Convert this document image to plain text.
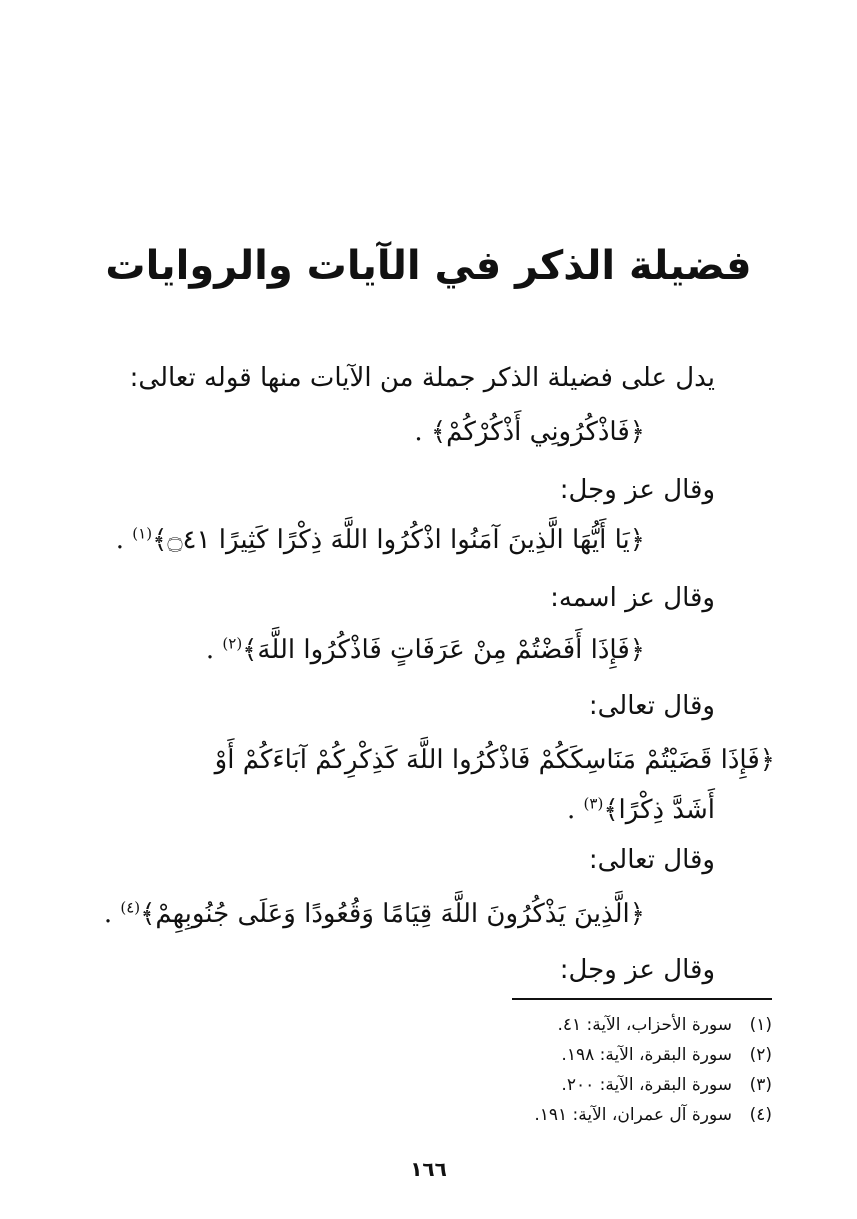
فضيلة الذكر في الآيات والروايات
يدل على فضيلة الذكر جملة من الآيات منها قوله تعالى:
﴿فَاذْكُرُونِي أَذْكُرْكُمْ﴾ .
وقال عز وجل:
﴿يَا أَيُّهَا الَّذِينَ آمَنُوا اذْكُرُوا اللَّهَ ذِكْرًا كَثِيرًا ۝٤١﴾$^{(١)}$ .
وقال عز اسمه:
﴿فَإِذَا أَفَضْتُمْ مِنْ عَرَفَاتٍ فَاذْكُرُوا اللَّهَ﴾$^{(٢)}$ .
وقال تعالى:
﴿فَإِذَا قَضَيْتُمْ مَنَاسِكَكُمْ فَاذْكُرُوا اللَّهَ كَذِكْرِكُمْ آبَاءَكُمْ أَوْ
أَشَدَّ ذِكْرًا﴾$^{(٣)}$ .
وقال تعالى:
﴿الَّذِينَ يَذْكُرُونَ اللَّهَ قِيَامًا وَقُعُودًا وَعَلَى جُنُوبِهِمْ﴾$^{(٤)}$ .
وقال عز وجل:
(١)سورة الأحزاب، الآية: ٤١.
(٢)سورة البقرة، الآية: ١٩٨.
(٣)سورة البقرة، الآية: ٢٠٠.
(٤)سورة آل عمران، الآية: ١٩١.
١٦٦
